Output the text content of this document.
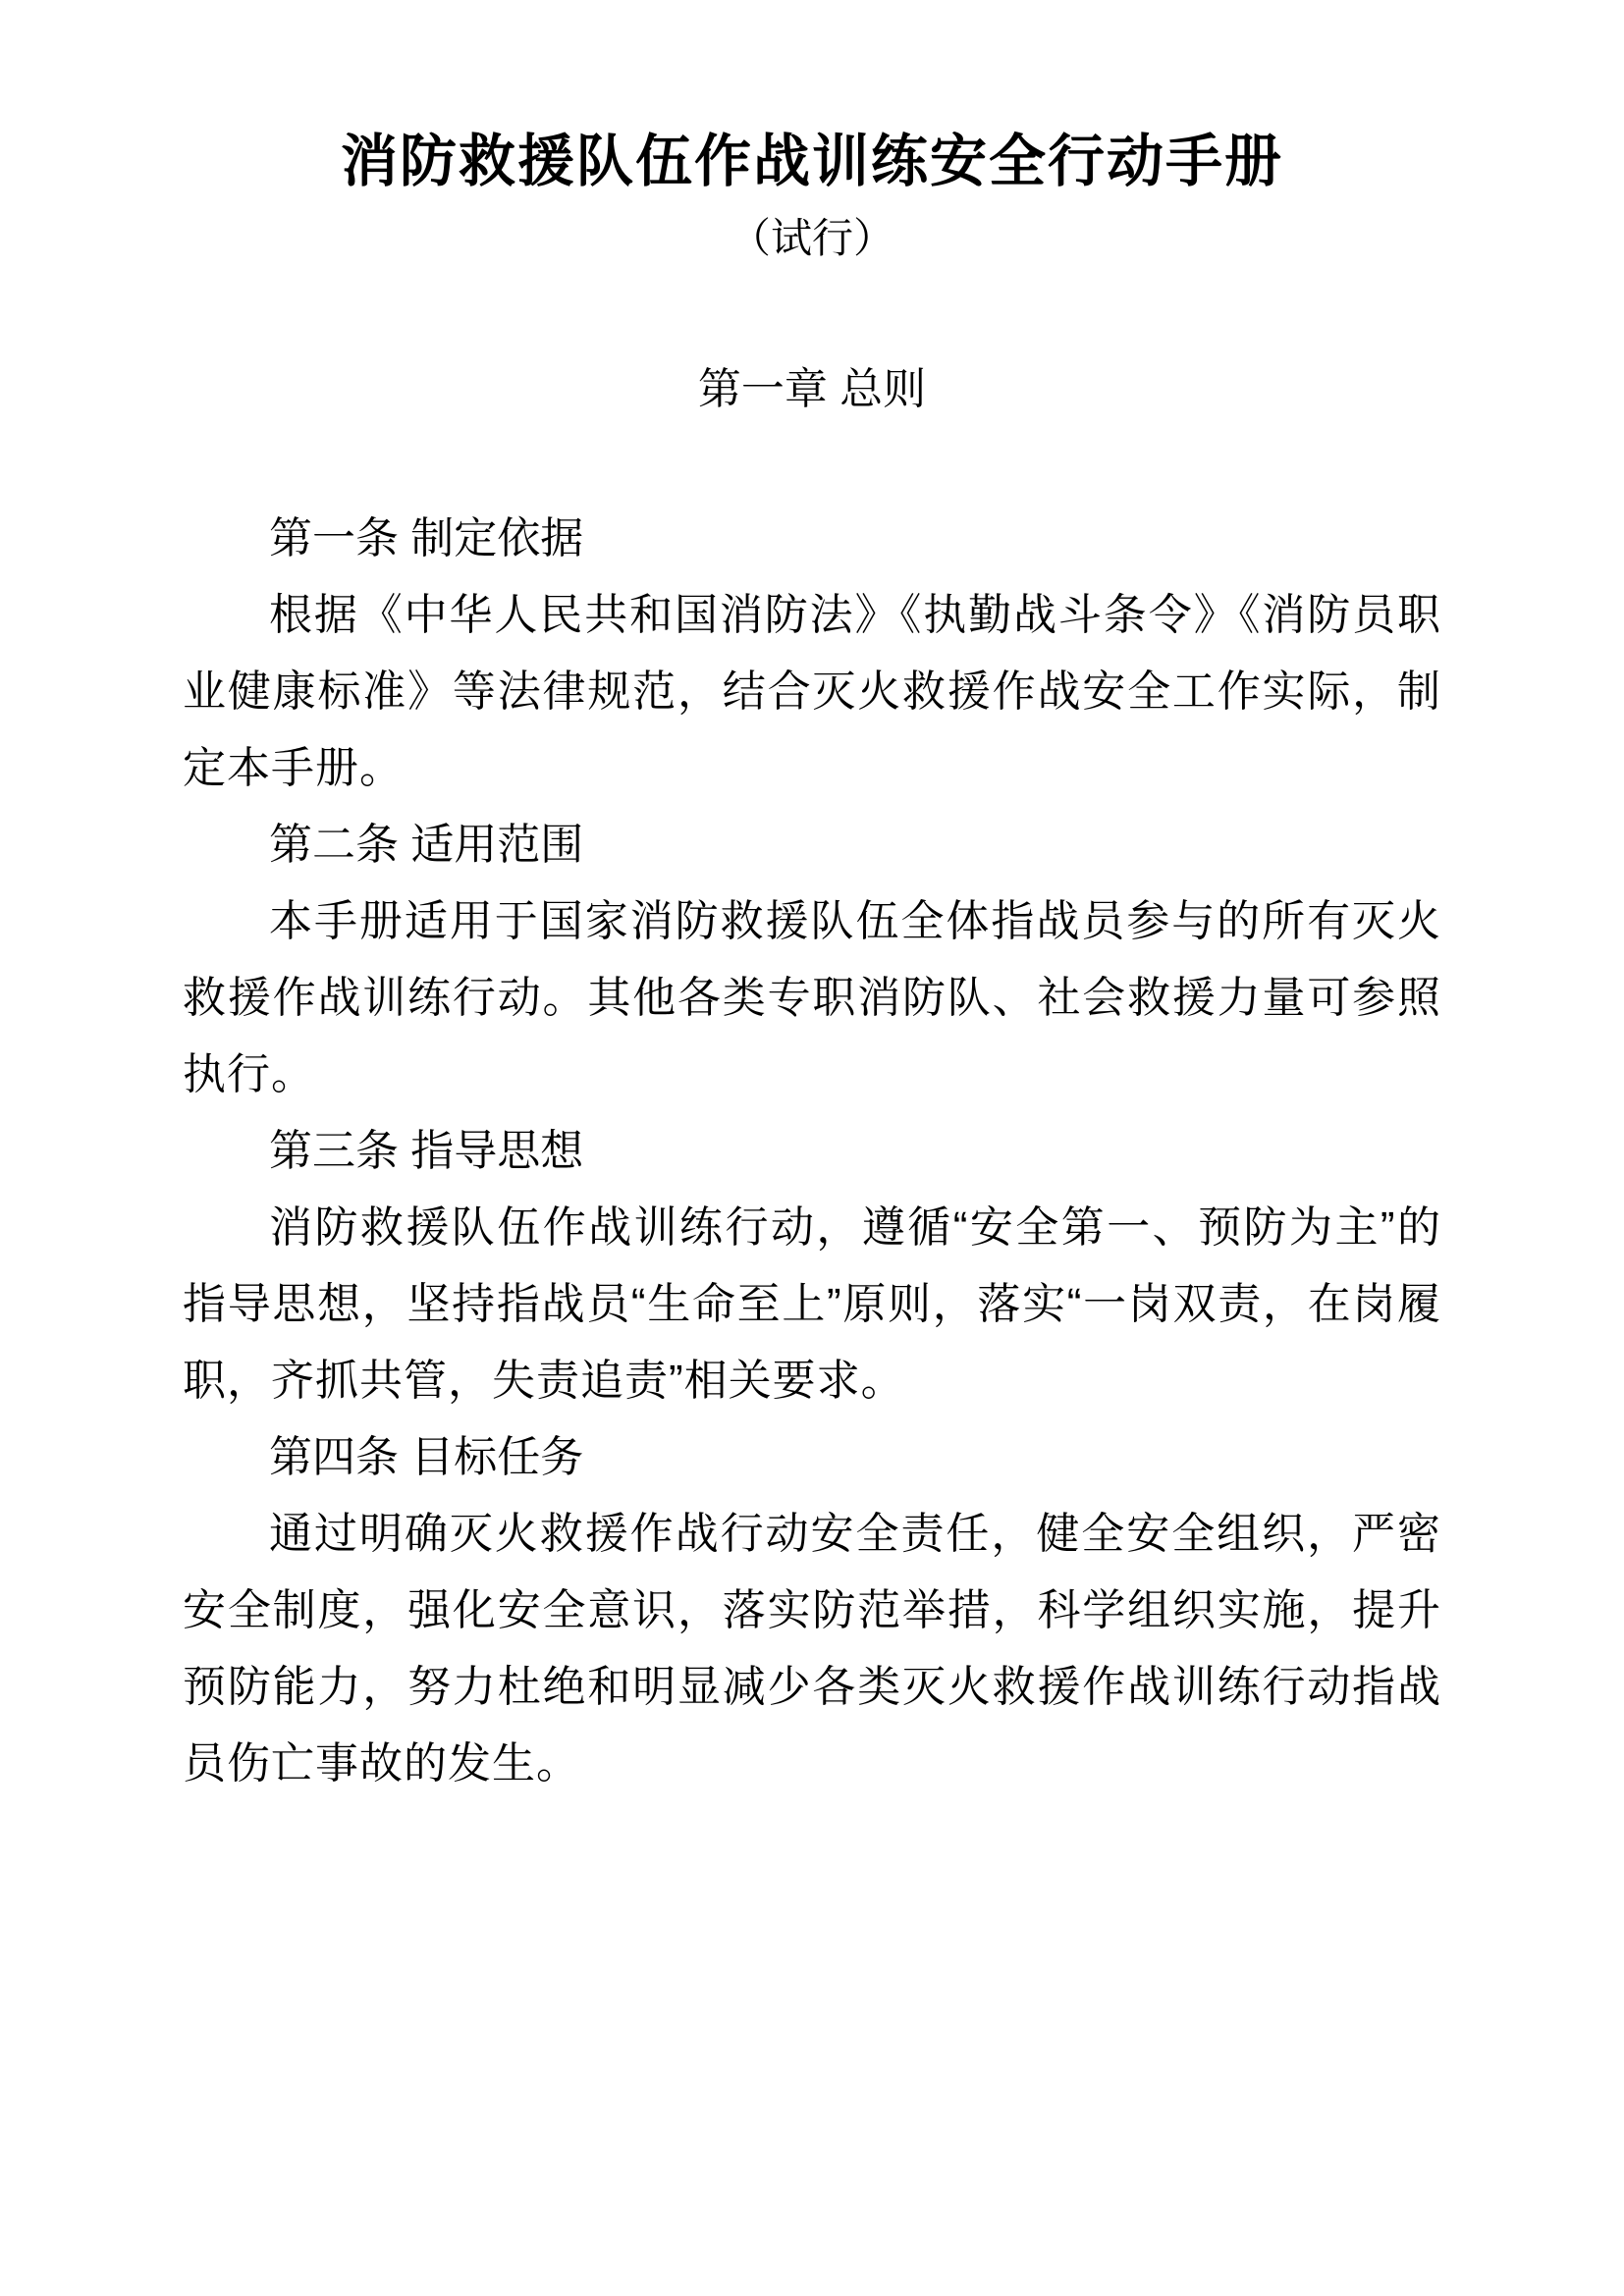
消防救援队伍作战训练安全行动手册
（试行）
第一章 总则

第一条 制定依据

根据《中华人民共和国消防法》《执勤战斗条令》《消防员职业健康标准》等法律规范，结合灭火救援作战安全工作实际，制定本手册。

第二条 适用范围

本手册适用于国家消防救援队伍全体指战员参与的所有灭火救援作战训练行动。其他各类专职消防队、社会救援力量可参照执行。

第三条 指导思想

消防救援队伍作战训练行动，遵循“安全第一、预防为主”的指导思想，坚持指战员“生命至上”原则，落实“一岗双责，在岗履职，齐抓共管，失责追责”相关要求。

第四条 目标任务

通过明确灭火救援作战行动安全责任，健全安全组织，严密安全制度，强化安全意识，落实防范举措，科学组织实施，提升预防能力，努力杜绝和明显减少各类灭火救援作战训练行动指战员伤亡事故的发生。
